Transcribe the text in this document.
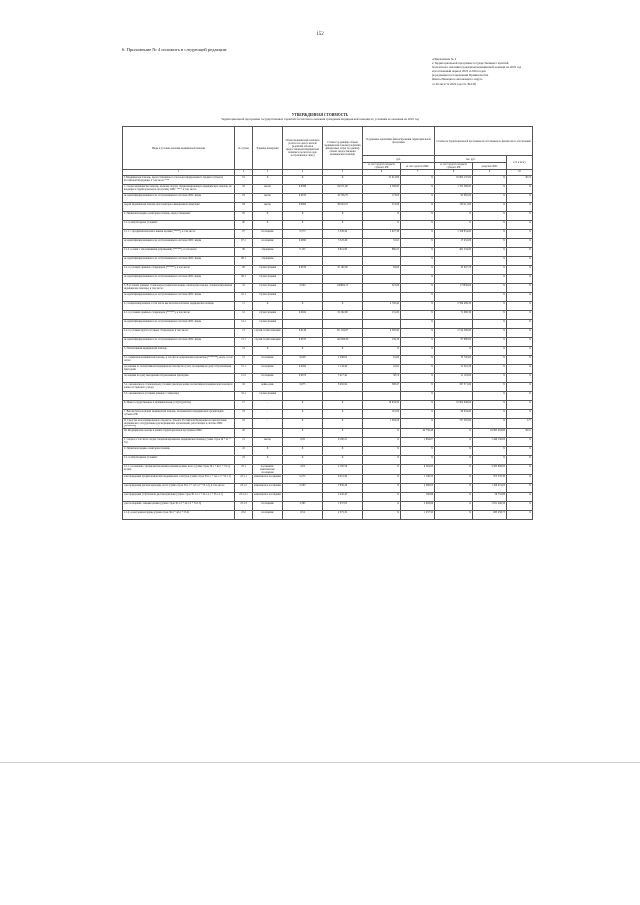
152
6. Приложение № 4 изложить в следующей редакции:
«Приложение № 4
к Территориальной программе государственных гарантий
бесплатного оказания гражданам медицинской помощи на 2022 год
и на плановый период 2023 и 2024 годов
(в редакции постановления Правительства
Ямало-Ненецкого автономного округа
от 29 августа 2022 года № 394-П)
УТВЕРЖДЕННАЯ СТОИМОСТЬ
Территориальной программы государственных гарантий бесплатного оказания гражданам медицинской помощи по условиям ее оказания на 2022 год
Виды и условия оказания медицинской помощи	№ строки	Единица измерения	Объем медицинской помощи в расчете на одного жителя (норматив объемов предоставления медицинской помощи в расчете на одно застрахованное лицо)	Стоимость единицы объема медицинской помощи (норматив финансовых затрат на единицу объема предоставления медицинской помощи)	Подушевые нормативы финансирования территориальной программы		Стоимость Территориальной программы по источникам ее финансового обеспечения		
					руб.		тыс. руб.		в % к итогу
					за счет средств бюджета субъекта РФ	за счет средств ОМС	за счет средств бюджета субъекта РФ	средства ОМС	
1	2	3	4	5	6	7	8	9	10
I. Медицинская помощь, предоставляемая за счет консолидированного бюджета субъекта Российской Федерации, в том числе: ***	01	X	X	X	31 014,89	X	16 903 137,00	X	30,72
1. Скорая медицинская помощь, включая скорую специализированную медицинскую помощь, не входящая в территориальную программу ОМС ****, в том числе:	02	вызов	0,0388	64 671,60	2 508,95	X	1 372 399,00	X	X
не идентифицированным и не застрахованным в системе ОМС лицам	03	вызов	0,0165	10 556,79	173,63	X	95 082,00	X	X
скорая медицинская помощь при санитарно-авиационной эвакуации	04	вызов	0,0064	36 024,53	231,09	X	126 411,00	X	X
2. Первичная медико-санитарная помощь, предоставляемая:	05	X	X	X	X	X	X	X	X
2.1. в амбулаторных условиях:	06	X	X	X	X	X	X	X	X
2.1.1. с профилактической и иными целями (*****), в том числе:	07	посещение	0,573	3 530,29	2 027,36	X	1 108 954,00	X	X
не идентифицированным и не застрахованным в системе ОМС лицам	07.1	посещение	0,0090	3 323,46	31,91	X	17 452,00	X	X
2.1.2. в связи с заболеваниями (обращений) (******), в том числе:	08	обращение	0,135	6 812,90	880,25	X	481 234,00	X	X
не идентифицированным и не застрахованным в системе ОМС лицам	08.1	обращение				X		X	X
2.2. в условиях дневных стационаров (******), в том числе:	09	случай лечения	0,0019	55 192,00	84,00	X	45 947,78	X	X
не идентифицированным и не застрахованным в системе ОМС лицам	09.1	случай лечения				X		X	X
3. В условиях дневных стационаров (первичная медико-санитарная помощь, специализированная медицинская помощь), в том числе:	10	случай лечения	0,004	100984,15	323,00	X	175936,00	X	X
не идентифицированным и не застрахованным в системе ОМС лицам	10.1	случай лечения				X		X	X
4. Специализированная, в том числе высокотехнологичная, медицинская помощь	11	X	X	X	4 726,42	X	2 584 489,30	X	X
4.1. в условиях дневных стационаров (******), в том числе:	12	случай лечения	0,0024	55 202,00	131,00	X	71 980,36	X	X
не идентифицированным и не застрахованным в системе ОМС лицам	12.1	случай лечения				X		X	X
4.2. в условиях круглосуточных стационаров, в том числе:	13	случай госпитализации	0,0148	311 452,87	4 595,82	X	2 514 509,00	X	X
не идентифицированным и не застрахованным в системе ОМС лицам	13.1	случай госпитализации	0,0013	140 000,00	159,19	X	87 080,00	X	X
5. Паллиативная медицинская помощь	14	X	X	X	X	X	X	X	X
5.1. первичная медицинская помощь, в том числе доврачебная и врачебная (*******), всего, в том числе:	15	посещение	0,028	2 208,05	61,00	X	33 720,00	X	X
посещения по паллиативной медицинской помощи без учета посещений на дому патронажными бригадами	15.1	посещение	0,0200	1 134,46	22,02	X	12 516,26	X	X
посещения на дому выездными патронажными бригадами	15.2	посещение	0,0072	5 417,42	38,74	X	21 193,00	X	X
5.2. оказываемая в стационарных условиях (включая койки паллиативной медицинской помощи и койки сестринского ухода)	16	койко-день	0,075	8 202,94	598,47	X	327 371,00	X	X
5.3. оказываемая в условиях дневного стационара	16.1	случай лечения				X		X	X
6. Иные государственные и муниципальные услуги (работы)	17	-	X	X	19 934,59	X	10 904 948,00	X	X
7. Высокотехнологичная медицинская помощь, оказываемая в медицинских организациях субъекта РФ	18	-	X	X	181,00	X	99 034,00	X	X
II. Средства консолидированного бюджета субъекта Российской Федерации на приобретение медицинского оборудования для медицинских организаций, работающих в системе ОМС (********)	19	-	X	X	1 384,50	X	757 305,00	X	1,77
III. Медицинская помощь в рамках территориальной программы ОМС:	20		X	X	X	44 756,48	X	24 895 404,60	58,51
1. Скорая, в том числе скорая специализированная, медицинская помощь (сумма строк 29 + 41 + 53)	21	вызов	0,29	6 160,21	X	1 984,67	X	1 440 136,00	X
2. Первичная медико-санитарная помощь	22	X	X	X	X	X	X	X	X
2.1. в амбулаторных условиях:	23	X	X	X	X	X	X	X	X
2.1.1. посещения с профилактическими и иными целями, всего (сумма строк 30.1 + 42.1 + 53.1), из них:	23.1	посещения / комплексные посещения	2,93	2 185,56	X	6 394,83	X	3 583 806,00	X
для проведения профилактических медицинских осмотров (сумма строк 30.1.1 + 42.1.1 + 53.1.1)	23.1.1	комплексное посещение	0,272	6 415,29	X	1 746,55	X	975 376,30	X
для проведения диспансеризации, всего (сумма строк 30.1.2 + 42.1.2 + 53.1.2), в том числе:	23.1.2	комплексное посещение	0,263	7 930,26	X	2 088,03	X	1 166 074,00	X
для проведения углубленной диспансеризации (сумма строк 30.1.2.1 + 42.1.2.1 + 53.1.2.1)	23.1.2.1	комплексное посещение		2 445,45	X	106,96	X	59 732,90	X
для посещений с иными целями (сумма строк 30.1.3 + 42.1.3 + 53.1.3)	23.1.3	посещения	2,395	1 057,05	X	2 928,84	X	1 051 446,50	X
2.1.2. в неотложной форме (сумма строк 30.2 + 42.2 + 53.2)	23.2	посещение	0,54	2 375,32	X	1 237,50	X	683 258,75	X
